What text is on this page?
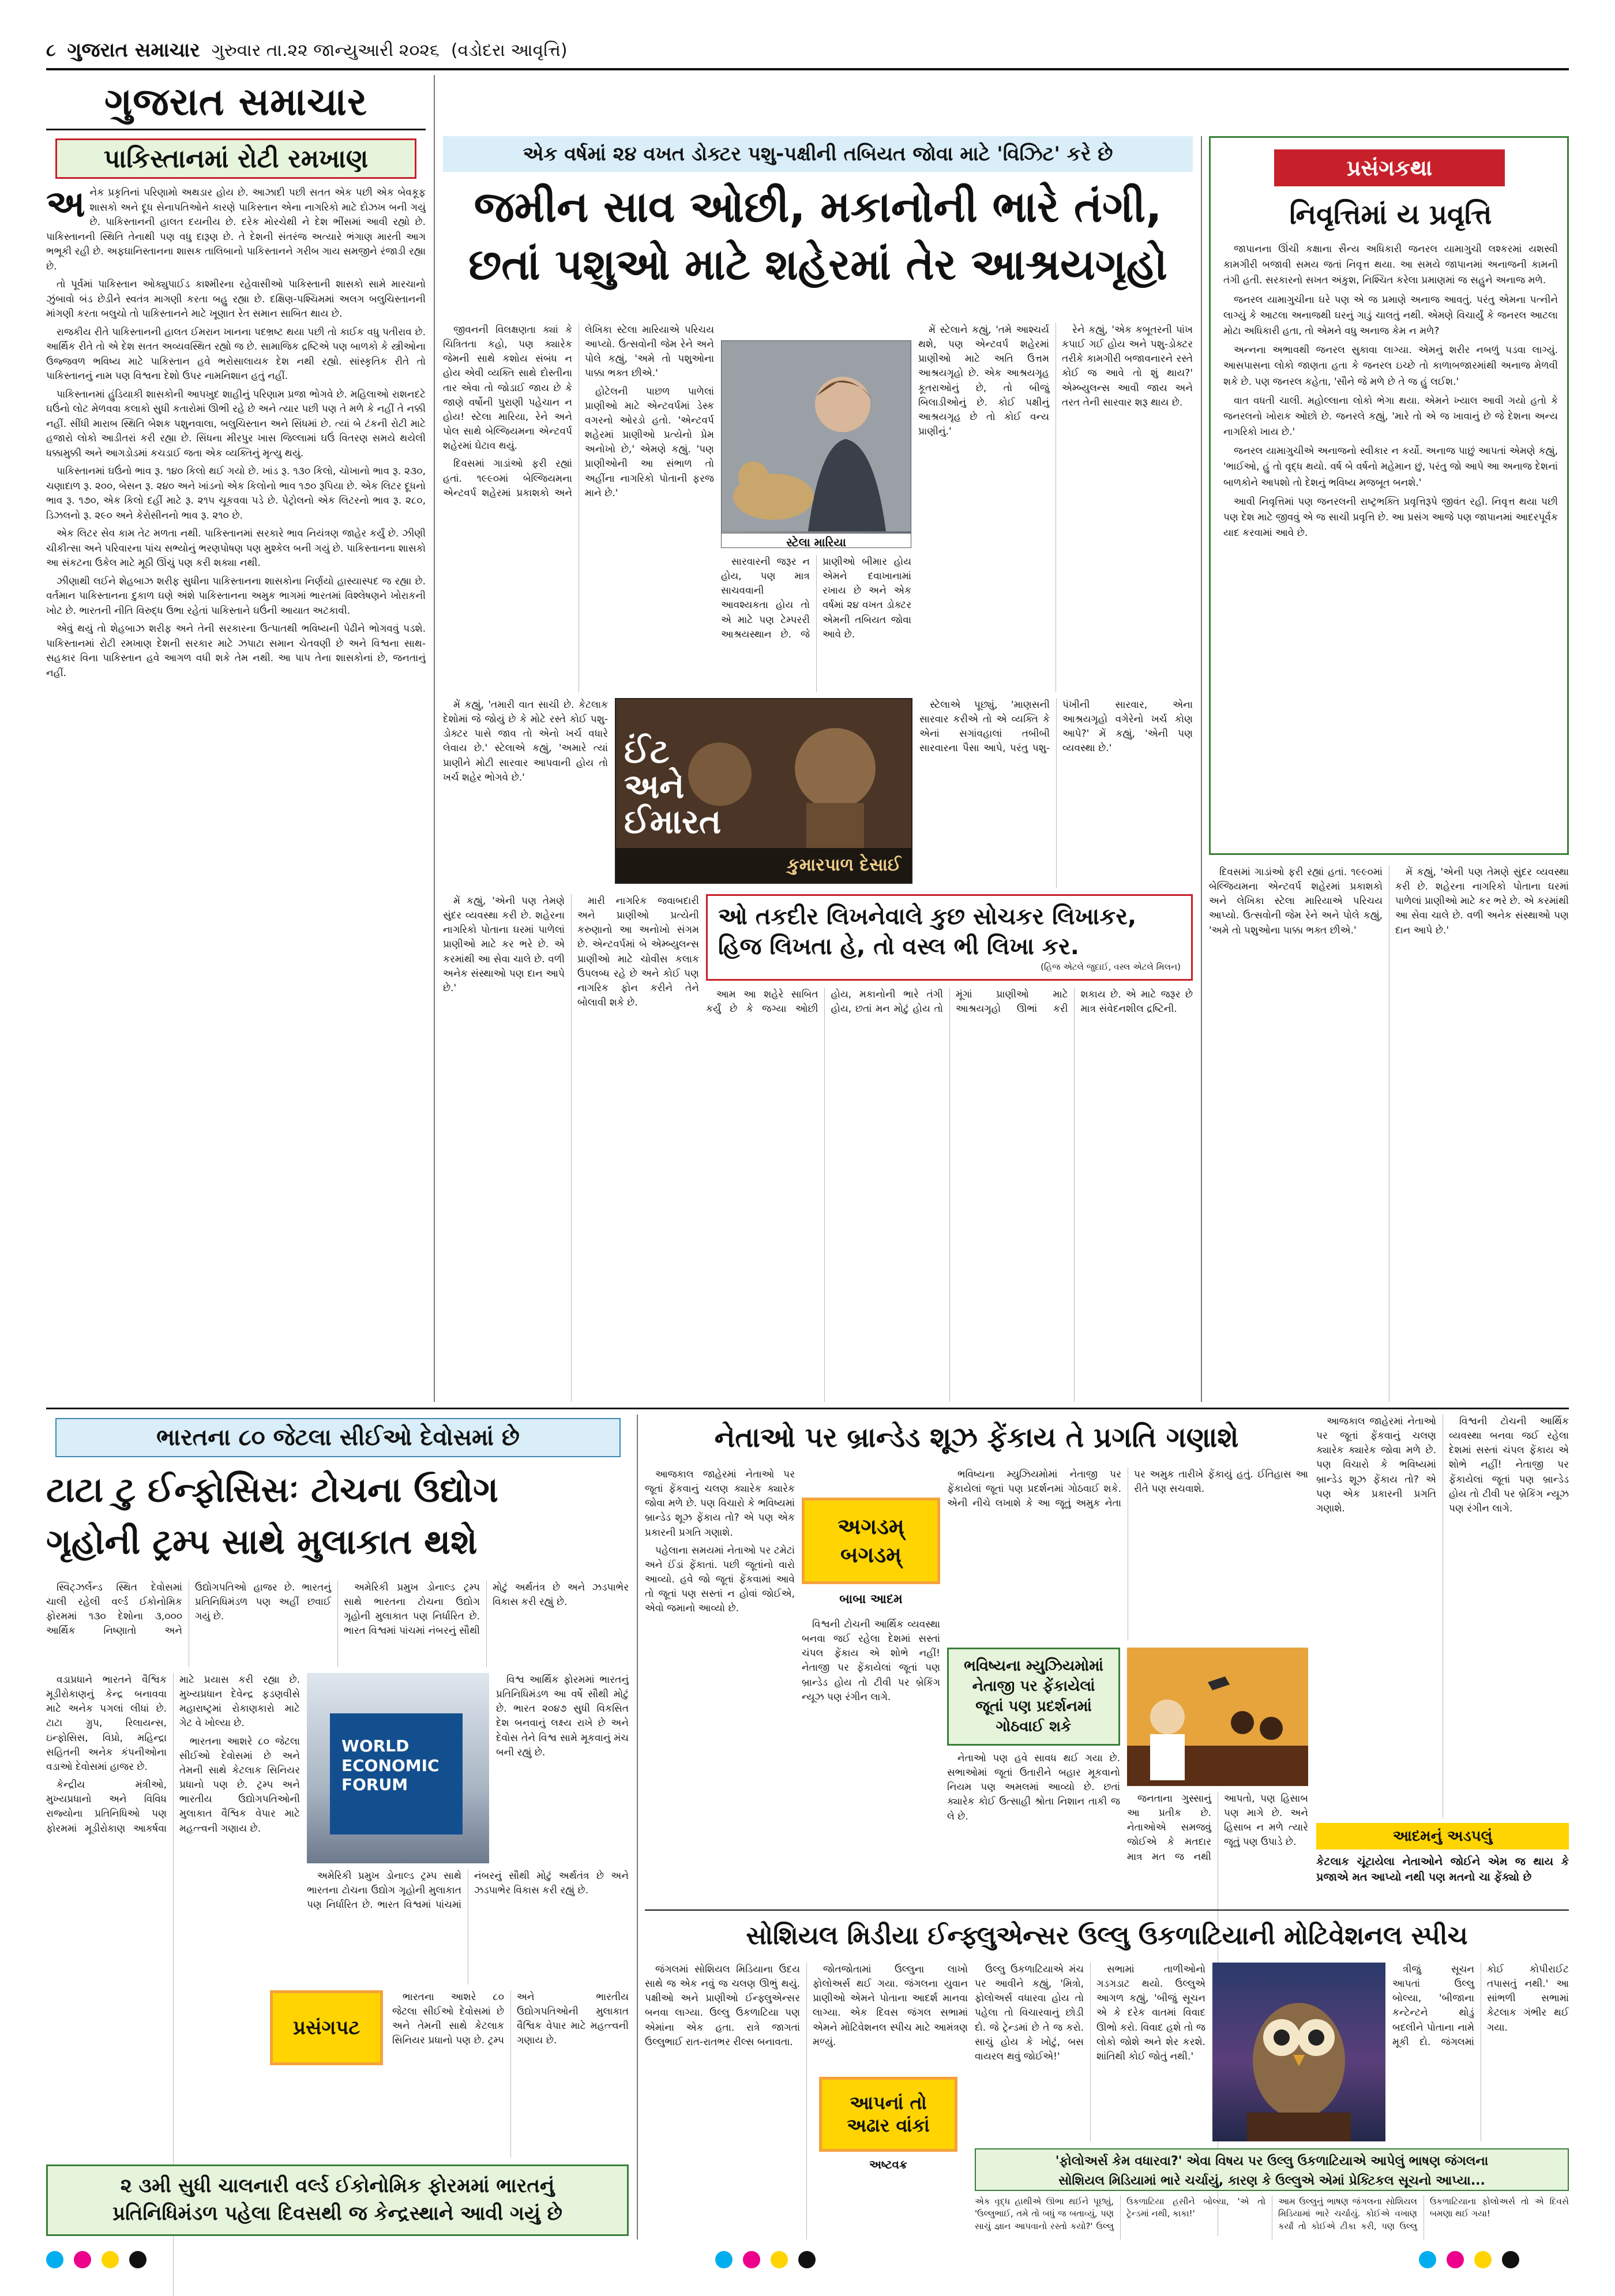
૮ ગુજરાત સમાચાર ગુરુવાર તા.૨૨ જાન્યુઆરી ૨૦૨૬ (વડોદરા આવૃત્તિ)
ગુજરાત સમાચાર
પાકિસ્તાનમાં રોટી રમખાણ
અ નેક પ્રકૃતિનાં પરિણામો અથડાર હોય છે. આઝાદી પછી સતત એક પછી એક બેવકૂફ શાસકો અને દૂધ સેનાપતિઓને કારણે પાકિસ્તાન એના નાગરિકો માટે દોઝખ બની ગયું છે. પાકિસ્તાનની હાલત દયનીય છે. દરેક મોરચેથી ને દેશ ભીંસમાં આવી રહ્યો છે. પાકિસ્તાનની સ્થિતિ તેનાથી પણ વધુ દારૂણ છે. તે દેશની સંતરંજ અત્યારે ભંગાણ મારતી આગ ભભૂકી રહી છે. અફઘાનિસ્તાનના શાસક તાલિબાનો પાકિસ્તાનને ગરીબ ગાય સમજીને રંજાડી રહ્યા છે.

તો પૂર્વમાં પાકિસ્તાન ઓક્યુપાઈડ કાશ્મીરના રહેવાસીઓ પાકિસ્તાની શાસકો સામે મારચાનો ઝુંબાવો બંડ છેડીને સ્વતંત્ર માગણી કરતા બહુ રહ્યા છે. દક્ષિણ-પશ્ચિમમાં અલગ બલુચિસ્તાનની માંગણી કરતા બલુચો તો પાકિસ્તાનને માટે ખૂણાત રેત સમાન સાબિત થાય છે.

રાજકીય રીતે પાકિસ્તાનની હાલત ઈમરાન ખાનના પદભ્રષ્ટ થયા પછી તો કાઈક વધુ પતીરાવ છે. આર્થિક રીતે તો એ દેશ સતત અવ્યવસ્થિત રહ્યો જ છે. સામાજિક દ્રષ્ટિએ પણ બાળકો કે સ્ત્રીઓના ઉજ્જવળ ભવિષ્ય માટે પાકિસ્તાન હવે ભરોસાલાયક દેશ નથી રહ્યો. સાંસ્કૃતિક રીતે તો પાકિસ્તાનનું નામ પણ વિશ્વના દેશો ઉપર નામનિશાન હતું નહીં.

પાકિસ્તાનમાં હુંડિયાકી શાસકોની આપખુદ શાહીનું પરિણામ પ્રજા ભોગવે છે. મહિલાઓ રાશનદટે ઘઉંનો લોટ મેળવવા કલાકો સુધી કતારોમાં ઊભી રહે છે અને ત્યાર પછી પણ તે મળે કે નહીં તે નક્કી નહીં. સીંધી મારાબ સ્થિતિ બેશક પશુનવાલા, બલુચિસ્તાન અને સિંધમાં છે. ત્યાં બે ટંકની રોટી માટે હજારો લોકો આડીતરાં કરી રહ્યા છે. સિંધના મીરપુર ખાસ જિલ્લામાં ઘઉં વિતરણ સમયે થયેલી ધક્કામુક્કી અને આગડોડમાં કચડાઈ જતા એક વ્યક્તિનું મૃત્યુ થયું.

પાકિસ્તાનમાં ઘઉંનો ભાવ રૂ. ૧૪૦ કિલો થઈ ગયો છે. ખાંડ રૂ. ૧૩૦ કિલો, ચોખાનો ભાવ રૂ. ૨૩૦, ચણાદાળ રૂ. ૨૦૦, બેસન રૂ. ૨૪૦ અને ખાંડનો એક કિલોનો ભાવ ૧૭૦ રૂપિયા છે. એક લિટર દૂધનો ભાવ રૂ. ૧૭૦, એક કિલો દહીં માટે રૂ. ૨૧૫ ચૂકવવા પડે છે. પેટ્રોલનો એક લિટરનો ભાવ રૂ. ૨૮૦, ડિઝલનો રૂ. ૨૯૦ અને કેરોસીનનો ભાવ રૂ. ૨૧૦ છે.

એક લિટર સેવ કામ તેટ મળતા નથી. પાકિસ્તાનમાં સરકારે ભાવ નિયંત્રણ જાહેર કર્યું છે. ઝીણી ચીકીત્સા અને પરિવારના પાંચ સભ્યોનું ભરણપોષણ પણ મુશ્કેલ બની ગયું છે. પાકિસ્તાનના શાસકો આ સંકટના ઉકેલ માટે મૂઠી ઊંચું પણ કરી શક્યા નથી.

ઝીણાથી લઈને શેહબાઝ શરીફ સુધીના પાકિસ્તાનના શાસકોના નિર્ણયો હાસ્યાસ્પદ જ રહ્યા છે. વર્તમાન પાકિસ્તાનના દુકાળ ઘણે અંશે પાકિસ્તાનના અમુક ભાગમાં ભારતમાં વિશ્લેષણને ખોરાકની ખોટ છે. ભારતની નીતિ વિરુદ્ધ ઉભા રહેતાં પાકિસ્તાને ઘઉંની આયાત અટકાવી.

એવું થયું તો શેહબાઝ શરીફ અને તેની સરકારના ઉત્પાતથી ભવિષ્યની પેઢીને ભોગવવું પડશે. પાકિસ્તાનમાં રોટી રમખાણ દેશની સરકાર માટે ઝપાટા સમાન ચેતવણી છે અને વિશ્વના સાથ-સહકાર વિના પાકિસ્તાન હવે આગળ વધી શકે તેમ નથી. આ પાપ તેના શાસકોનાં છે, જનતાનું નહીં.

એક વર્ષમાં ૨૪ વખત ડોક્ટર પશુ-પક્ષીની તબિયત જોવા માટે 'વિઝિટ' કરે છે
જમીન સાવ ઓછી, મકાનોની ભારે તંગી,
છતાં પશુઓ માટે શહેરમાં તેર આશ્રયગૃહો
સ્ટેલા મારિયા

જીવનની વિલક્ષણતા ક્યાં કે ચિત્રિતતા કહો, પણ ક્યારેક જેમની સાથે કશોય સંબંધ ન હોય એવી વ્યક્તિ સાથે દોસ્તીના તાર એવા તો જોડાઈ જાય છે કે જાણે વર્ષોની પુરાણી પહેચાન ન હોય! સ્ટેલા મારિયા, રેને અને પોલ સાથે બેલ્જિયમના એન્ટવર્પ શહેરમાં ઘેટાવ થયું.

દિવસમાં ગાડાંઓ ફરી રહ્યાં હતાં. ૧૯૯૦માં બેલ્જિયમના એન્ટવર્પ શહેરમાં પ્રકાશકો અને લેખિકા સ્ટેલા મારિયાએ પરિચય આપ્યો. ઉત્સવોની જેમ રેને અને પોલે કહ્યું, 'અમે તો પશુઓના પાક્કા ભક્ત છીએ.'

હોટેલની પાછળ પાળેલાં પ્રાણીઓ માટે એન્ટવર્પમાં ડેસ્ક વગરનો ઓરડો હતો. 'એન્ટવર્પ શહેરમાં પ્રાણીઓ પ્રત્યેનો પ્રેમ અનોખો છે,' એમણે કહ્યું. 'પણ પ્રાણીઓની આ સંભાળ તો અહીંના નાગરિકો પોતાની ફરજ માને છે.'

મેં સ્ટેલાને કહ્યું, 'તમે આશ્ચર્ય થશે, પણ એન્ટવર્પ શહેરમાં પ્રાણીઓ માટે અતિ ઉત્તમ આશ્રયગૃહો છે. એક આશ્રયગૃહ કૂતરાઓનું છે, તો બીજું બિલાડીઓનું છે. કોઈ પક્ષીનું આશ્રયગૃહ છે તો કોઈ વન્ય પ્રાણીનું.'

રેને કહ્યું, 'એક કબૂતરની પાંખ કપાઈ ગઈ હોય અને પશુ-ડોક્ટર તરીકે કામગીરી બજાવનારને રસ્તે કોઈ જ આવે તો શું થાય?' એમ્બ્યુલન્સ આવી જાય અને તરત તેની સારવાર શરૂ થાય છે.

સારવારની જરૂર ન હોય, પણ માત્ર સાચવવાની આવશ્યકતા હોય તો એ માટે પણ ટેમ્પરરી આશ્રયસ્થાન છે. જે પ્રાણીઓ બીમાર હોય એમને દવાખાનામાં રખાય છે અને એક વર્ષમાં ૨૪ વખત ડોક્ટર એમની તબિયત જોવા આવે છે.

ઈંટ અને ઈમારત
કુમારપાળ દેસાઈ

મેં કહ્યું, 'તમારી વાત સાચી છે. કેટલાક દેશોમાં જે જોયું છે કે મોટે રસ્તે કોઈ પશુ-ડોક્ટર પાસે જાવ તો એનો ખર્ચ વધારે લેવાય છે.' સ્ટેલાએ કહ્યું, 'અમારે ત્યાં પ્રાણીને મોટી સારવાર આપવાની હોય તો ખર્ચ શહેર ભોગવે છે.'

સ્ટેલાએ પૂછ્યું, 'માણસની સારવાર કરીએ તો એ વ્યક્તિ કે એનાં સગાંવહાલાં તબીબી સારવારના પૈસા આપે, પરંતુ પશુ-પંખીની સારવાર, એના આશ્રયગૃહો વગેરેનો ખર્ચ કોણ આપે?' મેં કહ્યું, 'એની પણ વ્યવસ્થા છે.'

ઓ તકદીર લિખનેવાલે કુછ સોચકર લિખાકર,
હિજ લિખતા હે, તો વસ્લ ભી લિખા કર.
(હિજ એટલે જુદાઈ, વસ્લ એટલે મિલન)

મેં કહ્યું, 'એની પણ તેમણે સુંદર વ્યવસ્થા કરી છે. શહેરના નાગરિકો પોતાના ઘરમાં પાળેલાં પ્રાણીઓ માટે કર ભરે છે. એ કરમાંથી આ સેવા ચાલે છે. વળી અનેક સંસ્થાઓ પણ દાન આપે છે.'

મારી નાગરિક જવાબદારી અને પ્રાણીઓ પ્રત્યેની કરુણાનો આ અનોખો સંગમ છે. એન્ટવર્પમાં બે એમ્બ્યુલન્સ પ્રાણીઓ માટે ચોવીસ કલાક ઉપલબ્ધ રહે છે અને કોઈ પણ નાગરિક ફોન કરીને તેને બોલાવી શકે છે.

આમ આ શહેરે સાબિત કર્યું છે કે જગ્યા ઓછી હોય, મકાનોની ભારે તંગી હોય, છતાં મન મોટું હોય તો મૂંગાં પ્રાણીઓ માટે આશ્રયગૃહો ઊભાં કરી શકાય છે. એ માટે જરૂર છે માત્ર સંવેદનશીલ દ્રષ્ટિની.

પ્રસંગકથા
નિવૃત્તિમાં ય પ્રવૃત્તિ

જાપાનના ઊંચી કક્ષાના સૈન્ય અધિકારી જનરલ યામાગુચી લશ્કરમાં યશસ્વી કામગીરી બજાવી સમય જતાં નિવૃત્ત થયા. આ સમયે જાપાનમાં અનાજની કામની તંગી હતી. સરકારનો સખત અંકુશ, નિશ્ચિત કરેલા પ્રમાણમાં જ સહુને અનાજ મળે.

જનરલ યામાગુચીના ઘરે પણ એ જ પ્રમાણે અનાજ આવતું. પરંતુ એમના પત્નીને લાગ્યું કે આટલા અનાજથી ઘરનું ગાડું ચાલતું નથી. એમણે વિચાર્યું કે જનરલ આટલા મોટા અધિકારી હતા, તો એમને વધુ અનાજ કેમ ન મળે?

અન્નના અભાવથી જનરલ સુકાવા લાગ્યા. એમનું શરીર નબળું પડવા લાગ્યું. આસપાસના લોકો જાણતા હતા કે જનરલ ઇચ્છે તો કાળાબજારમાંથી અનાજ મેળવી શકે છે. પણ જનરલ કહેતા, 'સૌને જે મળે છે તે જ હું લઈશ.'

વાત વધતી ચાલી. મહોલ્લાના લોકો ભેગા થયા. એમને ખ્યાલ આવી ગયો હતો કે જનરલનો ખોરાક ઓછો છે. જનરલે કહ્યું, 'મારે તો એ જ ખાવાનું છે જે દેશના અન્ય નાગરિકો ખાય છે.'

જનરલ યામાગુચીએ અનાજનો સ્વીકાર ન કર્યો. અનાજ પાછું આપતાં એમણે કહ્યું, 'ભાઈઓ, હું તો વૃદ્ધ થયો. વર્ષ બે વર્ષનો મહેમાન છું, પરંતુ જો આપે આ અનાજ દેશનાં બાળકોને આપશો તો દેશનું ભવિષ્ય મજબૂત બનશે.'

આવી નિવૃત્તિમાં પણ જનરલની રાષ્ટ્રભક્તિ પ્રવૃત્તિરૂપે જીવંત રહી. નિવૃત્ત થયા પછી પણ દેશ માટે જીવવું એ જ સાચી પ્રવૃત્તિ છે. આ પ્રસંગ આજે પણ જાપાનમાં આદરપૂર્વક યાદ કરવામાં આવે છે.

દિવસમાં ગાડાંઓ ફરી રહ્યાં હતાં. ૧૯૯૦માં બેલ્જિયમના એન્ટવર્પ શહેરમાં પ્રકાશકો અને લેખિકા સ્ટેલા મારિયાએ પરિચય આપ્યો. ઉત્સવોની જેમ રેને અને પોલે કહ્યું, 'અમે તો પશુઓના પાક્કા ભક્ત છીએ.'

મેં કહ્યું, 'એની પણ તેમણે સુંદર વ્યવસ્થા કરી છે. શહેરના નાગરિકો પોતાના ઘરમાં પાળેલાં પ્રાણીઓ માટે કર ભરે છે. એ કરમાંથી આ સેવા ચાલે છે. વળી અનેક સંસ્થાઓ પણ દાન આપે છે.'

ભારતના ૮૦ જેટલા સીઈઓ દેવોસમાં છે
ટાટા ટુ ઈન્ફોસિસઃ ટોચના ઉદ્યોગ
ગૃહોની ટ્રમ્પ સાથે મુલાકાત થશે
WORLD
ECONOMIC
FORUM

સ્વિટ્ઝર્લેન્ડ સ્થિત દેવોસમાં ચાલી રહેલી વર્લ્ડ ઈકોનોમિક ફોરમમાં ૧૩૦ દેશોના ૩,૦૦૦ આર્થિક નિષ્ણાતો અને ઉદ્યોગપતિઓ હાજર છે. ભારતનું પ્રતિનિધિમંડળ પણ અહીં છવાઈ ગયું છે.

અમેરિકી પ્રમુખ ડોનાલ્ડ ટ્રમ્પ સાથે ભારતના ટોચના ઉદ્યોગ ગૃહોની મુલાકાત પણ નિર્ધારિત છે. ભારત વિશ્વમાં પાંચમાં નંબરનું સૌથી મોટું અર્થતંત્ર છે અને ઝડપાભેર વિકાસ કરી રહ્યું છે.

વડાપ્રધાને ભારતને વૈશ્વિક મૂડીરોકાણનું કેન્દ્ર બનાવવા માટે અનેક પગલાં લીધાં છે. ટાટા ગ્રુપ, રિલાયન્સ, ઇન્ફોસિસ, વિપ્રો, મહિન્દ્રા સહિતની અનેક કંપનીઓના વડાઓ દેવોસમાં હાજર છે.

કેન્દ્રીય મંત્રીઓ, મુખ્યપ્રધાનો અને વિવિધ રાજ્યોના પ્રતિનિધિઓ પણ ફોરમમાં મૂડીરોકાણ આકર્ષવા માટે પ્રયાસ કરી રહ્યા છે. મુખ્યપ્રધાન દેવેન્દ્ર ફડણવીસે મહારાષ્ટ્રમાં રોકાણકારો માટે ગેટ વે ખોલ્યા છે.

ભારતના આશરે ૮૦ જેટલા સીઈઓ દેવોસમાં છે અને તેમની સાથે કેટલાક સિનિયર પ્રધાનો પણ છે. ટ્રમ્પ અને ભારતીય ઉદ્યોગપતિઓની મુલાકાત વૈશ્વિક વેપાર માટે મહત્ત્વની ગણાય છે.

વિશ્વ આર્થિક ફોરમમાં ભારતનું પ્રતિનિધિમંડળ આ વર્ષે સૌથી મોટું છે. ભારત ૨૦૪૭ સુધી વિકસિત દેશ બનવાનું લક્ષ્ય રાખે છે અને દેવોસ તેને વિશ્વ સામે મૂકવાનું મંચ બની રહ્યું છે.

પ્રસંગપટ

અમેરિકી પ્રમુખ ડોનાલ્ડ ટ્રમ્પ સાથે ભારતના ટોચના ઉદ્યોગ ગૃહોની મુલાકાત પણ નિર્ધારિત છે. ભારત વિશ્વમાં પાંચમાં નંબરનું સૌથી મોટું અર્થતંત્ર છે અને ઝડપાભેર વિકાસ કરી રહ્યું છે.

ભારતના આશરે ૮૦ જેટલા સીઈઓ દેવોસમાં છે અને તેમની સાથે કેટલાક સિનિયર પ્રધાનો પણ છે. ટ્રમ્પ અને ભારતીય ઉદ્યોગપતિઓની મુલાકાત વૈશ્વિક વેપાર માટે મહત્ત્વની ગણાય છે.

૨ ૩મી સુધી ચાલનારી વર્લ્ડ ઈકોનોમિક ફોરમમાં ભારતનું
પ્રતિનિધિમંડળ પહેલા દિવસથી જ કેન્દ્રસ્થાને આવી ગયું છે
નેતાઓ પર બ્રાન્ડેડ શૂઝ ફેંકાય તે પ્રગતિ ગણાશે

આજકાલ જાહેરમાં નેતાઓ પર જૂતાં ફેંકવાનું ચલણ ક્યારેક ક્યારેક જોવા મળે છે. પણ વિચારો કે ભવિષ્યમાં બ્રાન્ડેડ શૂઝ ફેંકાય તો? એ પણ એક પ્રકારની પ્રગતિ ગણાશે.

પહેલાના સમયમાં નેતાઓ પર ટમેટાં અને ઈંડાં ફેંકાતાં. પછી જૂતાંનો વારો આવ્યો. હવે જો જૂતાં ફેંકવામાં આવે તો જૂતાં પણ સસ્તાં ન હોવાં જોઈએ, એવો જમાનો આવ્યો છે.

અગડમ્ બગડમ્
બાબા આદમ

વિશ્વની ટોચની આર્થિક વ્યવસ્થા બનવા જઈ રહેલા દેશમાં સસ્તાં ચંપલ ફેંકાય એ શોભે નહીં! નેતાજી પર ફેંકાયેલાં જૂતાં પણ બ્રાન્ડેડ હોય તો ટીવી પર બ્રેકિંગ ન્યૂઝ પણ રંગીન લાગે.

ભવિષ્યના મ્યુઝિયમોમાં નેતાજી પર ફેંકાયેલાં જૂતાં પણ પ્રદર્શનમાં ગોઠવાઈ શકે. એની નીચે લખાશે કે આ જૂતું અમુક નેતા પર અમુક તારીખે ફેંકાયું હતું. ઈતિહાસ આ રીતે પણ સચવાશે.

ભવિષ્યના મ્યુઝિયમોમાં નેતાજી પર ફેંકાયેલાં જૂતાં પણ પ્રદર્શનમાં ગોઠવાઈ શકે

નેતાઓ પણ હવે સાવધ થઈ ગયા છે. સભાઓમાં જૂતાં ઉતારીને બહાર મૂકવાનો નિયમ પણ અમલમાં આવ્યો છે. છતાં ક્યારેક કોઈ ઉત્સાહી શ્રોતા નિશાન તાકી જ લે છે.

જનતાના ગુસ્સાનું આ પ્રતીક છે. નેતાઓએ સમજવું જોઈએ કે મતદાર માત્ર મત જ નથી આપતો, પણ હિસાબ પણ માગે છે. અને હિસાબ ન મળે ત્યારે જૂતું પણ ઉપાડે છે.

આજકાલ જાહેરમાં નેતાઓ પર જૂતાં ફેંકવાનું ચલણ ક્યારેક ક્યારેક જોવા મળે છે. પણ વિચારો કે ભવિષ્યમાં બ્રાન્ડેડ શૂઝ ફેંકાય તો? એ પણ એક પ્રકારની પ્રગતિ ગણાશે.

વિશ્વની ટોચની આર્થિક વ્યવસ્થા બનવા જઈ રહેલા દેશમાં સસ્તાં ચંપલ ફેંકાય એ શોભે નહીં! નેતાજી પર ફેંકાયેલાં જૂતાં પણ બ્રાન્ડેડ હોય તો ટીવી પર બ્રેકિંગ ન્યૂઝ પણ રંગીન લાગે.

આદમનું અડપલું
કેટલાક ચૂંટાયેલા નેતાઓને જોઈને એમ જ થાય કે પ્રજાએ મત આપ્યો નથી પણ મતનો ચા ફેંક્યો છે
સોશિયલ મિડીયા ઈન્ફ્લુએન્સર ઉલ્લુ ઉકળાટિયાની મોટિવેશનલ સ્પીચ

જંગલમાં સોશિયલ મિડિયાના ઉદય સાથે જ એક નવું જ ચલણ ઊભું થયું. પક્ષીઓ અને પ્રાણીઓ ઈન્ફ્લુએન્સર બનવા લાગ્યા. ઉલ્લુ ઉકળાટિયા પણ એમાંના એક હતા. રાત્રે જાગતાં ઉલ્લુભાઈ રાત-રાતભર રીલ્સ બનાવતા.

જોતજોતામાં ઉલ્લુના લાખો ફોલોઅર્સ થઈ ગયા. જંગલના યુવાન પ્રાણીઓ એમને પોતાના આદર્શ માનવા લાગ્યા. એક દિવસ જંગલ સભામાં એમને મોટિવેશનલ સ્પીચ માટે આમંત્રણ મળ્યું.

આપનાં તો
અઢાર વાંકાં
અષ્ટવક્ર

ઉલ્લુ ઉકળાટિયાએ મંચ પર આવીને કહ્યું, 'મિત્રો, ફોલોઅર્સ વધારવા હોય તો પહેલા તો વિચારવાનું છોડી દો. જે ટ્રેન્ડમાં છે તે જ કરો. સાચું હોય કે ખોટું, બસ વાયરલ થવું જોઈએ!'

સભામાં તાળીઓનો ગડગડાટ થયો. ઉલ્લુએ આગળ કહ્યું, 'બીજું સૂચન એ કે દરેક વાતમાં વિવાદ ઊભો કરો. વિવાદ હશે તો જ લોકો જોશે અને શેર કરશે. શાંતિથી કોઈ જોતું નથી.'

ત્રીજું સૂચન આપતાં ઉલ્લુ બોલ્યા, 'બીજાના કન્ટેન્ટને થોડું બદલીને પોતાના નામે મૂકી દો. જંગલમાં કોઈ કોપીરાઈટ તપાસતું નથી.' આ સાંભળી સભામાં કેટલાક ગંભીર થઈ ગયા.

'ફોલોઅર્સ કેમ વધારવા?' એવા વિષય પર ઉલ્લુ ઉકળાટિયાએ આપેલું ભાષણ જંગલના
સોશિયલ મિડિયામાં ભારે ચર્ચાયું, કારણ કે ઉલ્લુએ એમાં પ્રેક્ટિકલ સૂચનો આપ્યા...

એક વૃદ્ધ હાથીએ ઊભા થઈને પૂછ્યું, 'ઉલ્લુભાઈ, તમે તો બધું જ બતાવ્યું, પણ સાચું જ્ઞાન આપવાનો રસ્તો કયો?' ઉલ્લુ ઉકળાટિયા હસીને બોલ્યા, 'એ તો ટ્રેન્ડમાં નથી, કાકા!'

આમ ઉલ્લુનું ભાષણ જંગલના સોશિયલ મિડિયામાં ભારે ચર્ચાયું. કોઈએ વખાણ કર્યાં તો કોઈએ ટીકા કરી, પણ ઉલ્લુ ઉકળાટિયાના ફોલોઅર્સ તો એ દિવસે બમણા થઈ ગયા!
